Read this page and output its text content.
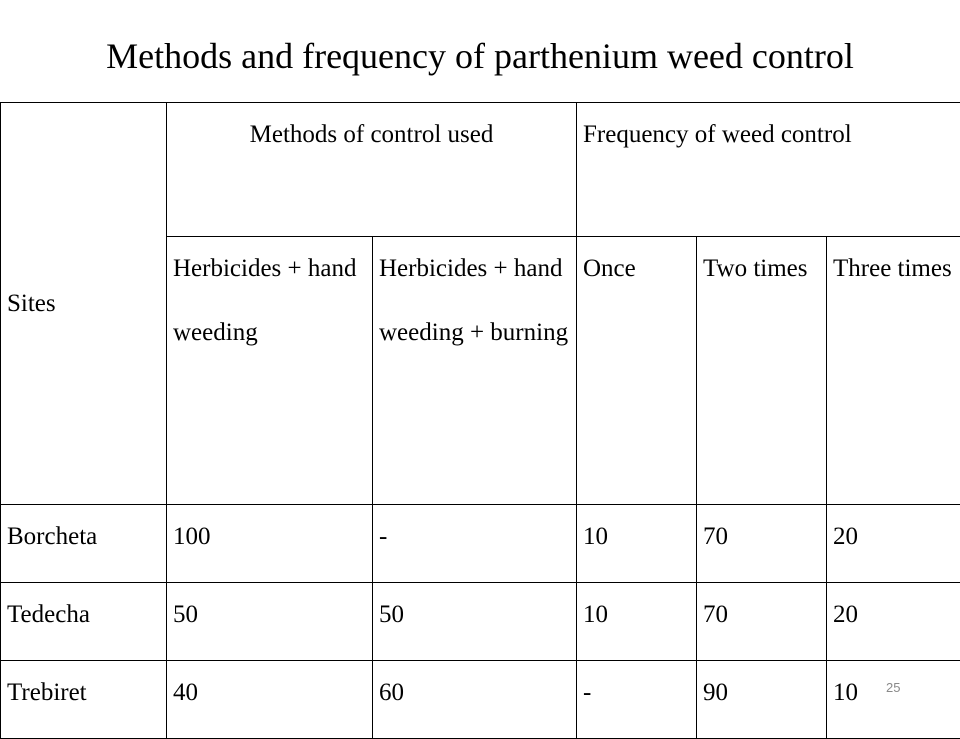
Methods and frequency of parthenium weed control
Sites	Methods of control used		Frequency of weed control		
	Herbicides + hand weeding	Herbicides + hand weeding + burning	Once	Two times	Three times
Borcheta	100	-	10	70	20
Tedecha	50	50	10	70	20
Trebiret	40	60	-	90	10 25
